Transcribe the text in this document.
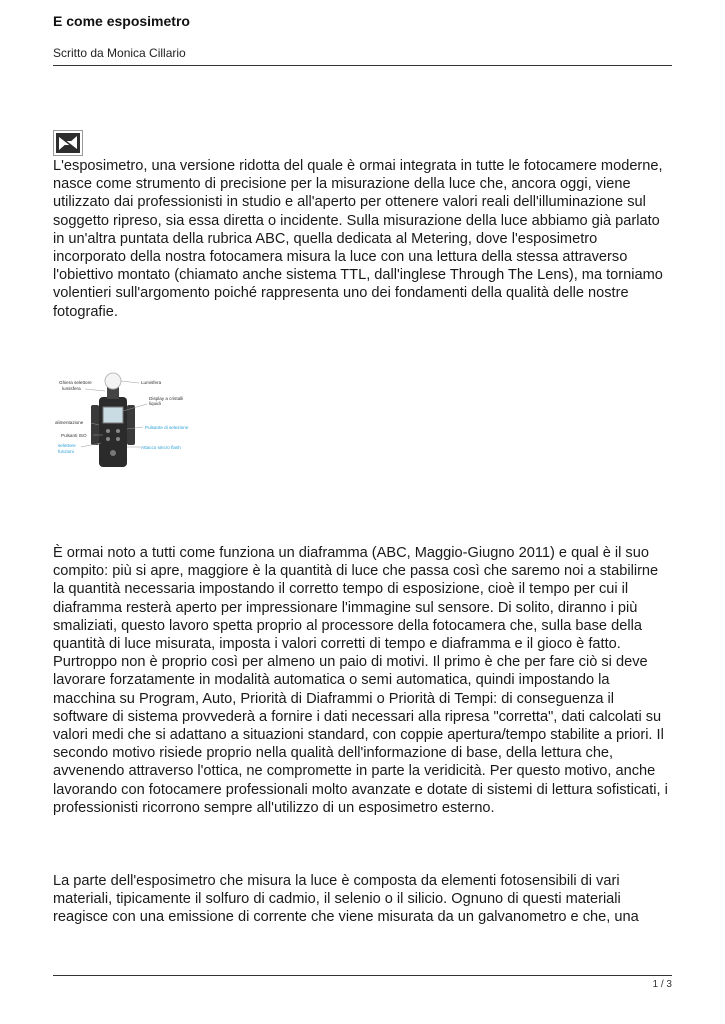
E come esposimetro
Scritto da Monica Cillario

L'esposimetro, una versione ridotta del quale è ormai integrata in tutte le fotocamere moderne, nasce come strumento di precisione per la misurazione della luce che, ancora oggi, viene utilizzato dai professionisti in studio e all'aperto per ottenere valori reali dell'illuminazione sul soggetto ripreso, sia essa diretta o incidente. Sulla misurazione della luce abbiamo già parlato in un'altra puntata della rubrica ABC, quella dedicata al Metering, dove l'esposimetro incorporato della nostra fotocamera misura la luce con una lettura della stessa attraverso l'obiettivo montato (chiamato anche sistema TTL, dall'inglese Through The Lens), ma torniamo volentieri sull'argomento poiché rappresenta uno dei fondamenti della qualità delle nostre fotografie.

Ghiera selettore
lumisfera
Lumisfera
Display a cristalli
liquidi
alimentazione
Pulsanti ISO
selettore
funzioni
Pulsante di selezione
Attacco sincro flash

È ormai noto a tutti come funziona un diaframma (ABC, Maggio-Giugno 2011) e qual è il suo compito: più si apre, maggiore è la quantità di luce che passa così che saremo noi a stabilirne la quantità necessaria impostando il corretto tempo di esposizione, cioè il tempo per cui il diaframma resterà aperto per impressionare l'immagine sul sensore. Di solito, diranno i più smaliziati, questo lavoro spetta proprio al processore della fotocamera che, sulla base della quantità di luce misurata, imposta i valori corretti di tempo e diaframma e il gioco è fatto. Purtroppo non è proprio così per almeno un paio di motivi. Il primo è che per fare ciò si deve lavorare forzatamente in modalità automatica o semi automatica, quindi impostando la macchina su Program, Auto, Priorità di Diaframmi o Priorità di Tempi: di conseguenza il software di sistema provvederà a fornire i dati necessari alla ripresa "corretta", dati calcolati su valori medi che si adattano a situazioni standard, con coppie apertura/tempo stabilite a priori. Il secondo motivo risiede proprio nella qualità dell'informazione di base, della lettura che, avvenendo attraverso l'ottica, ne compromette in parte la veridicità. Per questo motivo, anche lavorando con fotocamere professionali molto avanzate e dotate di sistemi di lettura sofisticati, i professionisti ricorrono sempre all'utilizzo di un esposimetro esterno.

La parte dell'esposimetro che misura la luce è composta da elementi fotosensibili di vari materiali, tipicamente il solfuro di cadmio, il selenio o il silicio. Ognuno di questi materiali reagisce con una emissione di corrente che viene misurata da un galvanometro e che, una

1 / 3
